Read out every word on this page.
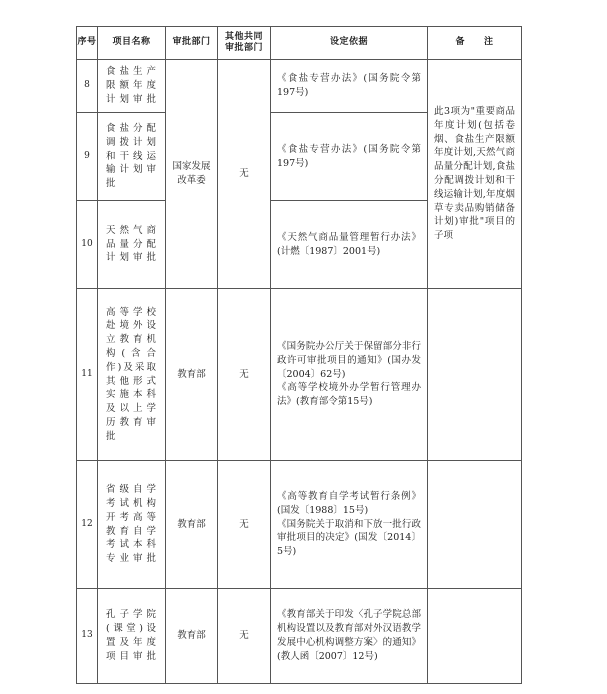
序号	项目名称	审批部门	其他共同审批部门	设定依据	备　　注
8	食盐生产限额年度计划审批	国家发展改革委	无	《食盐专营办法》(国务院令第197号)	此3项为"重要商品年度计划(包括卷烟、食盐生产限额年度计划,天然气商品量分配计划,食盐分配调拨计划和干线运输计划,年度烟草专卖品购销储备计划)审批"项目的子项

9	食盐分配调拨计划和干线运输计划审批			《食盐专营办法》(国务院令第197号)	

10	天然气商品量分配计划审批			《天然气商品量管理暂行办法》(计燃〔1987〕2001号)	

11	高等学校赴境外设立教育机构(含合作)及采取其他形式实施本科及以上学历教育审批	教育部	无	《国务院办公厅关于保留部分非行政许可审批项目的通知》(国办发〔2004〕62号)
《高等学校境外办学暂行管理办法》(教育部令第15号)	

12	省级自学考试机构开考高等教育自学考试本科专业审批	教育部	无	《高等教育自学考试暂行条例》(国发〔1988〕15号)
《国务院关于取消和下放一批行政审批项目的决定》(国发〔2014〕5号)	

13	孔子学院(课堂)设置及年度项目审批	教育部	无	《教育部关于印发〈孔子学院总部机构设置以及教育部对外汉语教学发展中心机构调整方案〉的通知》(教人函〔2007〕12号)	
